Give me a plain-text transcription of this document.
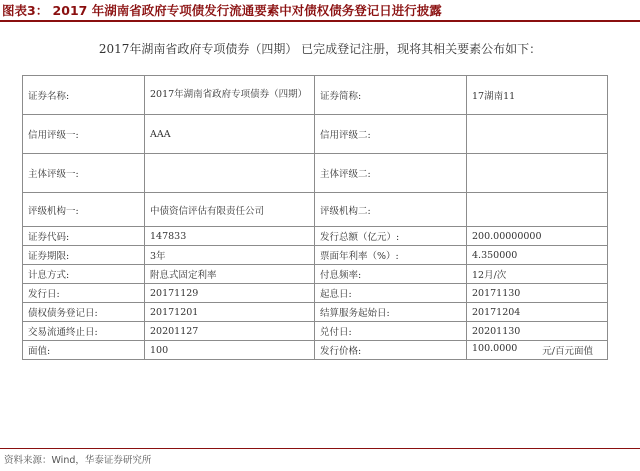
图表3： 2017 年湖南省政府专项债发行流通要素中对债权债务登记日进行披露
2017年湖南省政府专项债券（四期） 已完成登记注册，现将其相关要素公布如下：
证券名称:	2017年湖南省政府专项债券（四期）	证券简称:	17湖南11
信用评级一:	AAA	信用评级二:	
主体评级一:		主体评级二:	
评级机构一:	中债资信评估有限责任公司	评级机构二:	
证券代码:	147833	发行总额（亿元）:	200.00000000
证券期限:	3年	票面年利率（%）:	4.350000
计息方式:	附息式固定利率	付息频率:	12月/次
发行日:	20171129	起息日:	20171130
债权债务登记日:	20171201	结算服务起始日:	20171204
交易流通终止日:	20201127	兑付日:	20201130
面值:	100	发行价格:	100.0000 元/百元面值
资料来源：Wind，华泰证券研究所
